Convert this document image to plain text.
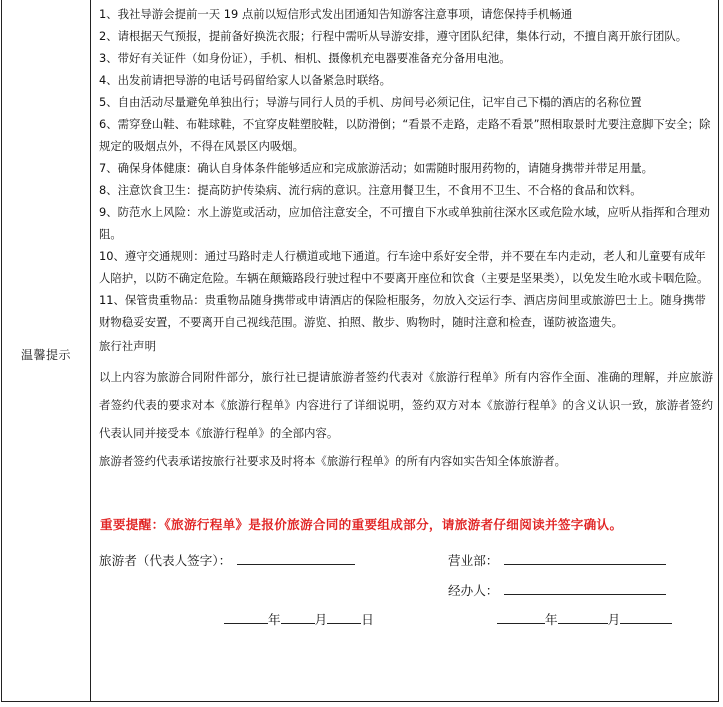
温馨提示
1、我社导游会提前一天 19 点前以短信形式发出团通知告知游客注意事项，请您保持手机畅通
2、请根据天气预报，提前备好换洗衣服；行程中需听从导游安排，遵守团队纪律，集体行动，不擅自离开旅行团队。
3、带好有关证件（如身份证），手机、相机、摄像机充电器要准备充分备用电池。
4、出发前请把导游的电话号码留给家人以备紧急时联络。
5、自由活动尽量避免单独出行；导游与同行人员的手机、房间号必须记住，记牢自己下榻的酒店的名称位置
6、需穿登山鞋、布鞋球鞋，不宜穿皮鞋塑胶鞋，以防滑倒；“看景不走路，走路不看景”照相取景时尤要注意脚下安全；除规定的吸烟点外，不得在风景区内吸烟。
7、确保身体健康：确认自身体条件能够适应和完成旅游活动；如需随时服用药物的，请随身携带并带足用量。
8、注意饮食卫生：提高防护传染病、流行病的意识。注意用餐卫生，不食用不卫生、不合格的食品和饮料。
9、防范水上风险：水上游览或活动，应加倍注意安全，不可擅自下水或单独前往深水区或危险水域，应听从指挥和合理劝阻。
10、遵守交通规则：通过马路时走人行横道或地下通道。行车途中系好安全带，并不要在车内走动，老人和儿童要有成年人陪护，以防不确定危险。车辆在颠簸路段行驶过程中不要离开座位和饮食（主要是坚果类），以免发生呛水或卡咽危险。
11、保管贵重物品：贵重物品随身携带或申请酒店的保险柜服务，勿放入交运行李、酒店房间里或旅游巴士上。随身携带财物稳妥安置，不要离开自己视线范围。游览、拍照、散步、购物时，随时注意和检查，谨防被盗遗失。
旅行社声明

以上内容为旅游合同附件部分，旅行社已提请旅游者签约代表对《旅游行程单》所有内容作全面、准确的理解，并应旅游者签约代表的要求对本《旅游行程单》内容进行了详细说明，签约双方对本《旅游行程单》的含义认识一致，旅游者签约代表认同并接受本《旅游行程单》的全部内容。

旅游者签约代表承诺按旅行社要求及时将本《旅游行程单》的所有内容如实告知全体旅游者。

重要提醒：《旅游行程单》是报价旅游合同的重要组成部分，请旅游者仔细阅读并签字确认。
旅游者（代表人签字）：	营业部：
经办人：
年	月	日	年	月
